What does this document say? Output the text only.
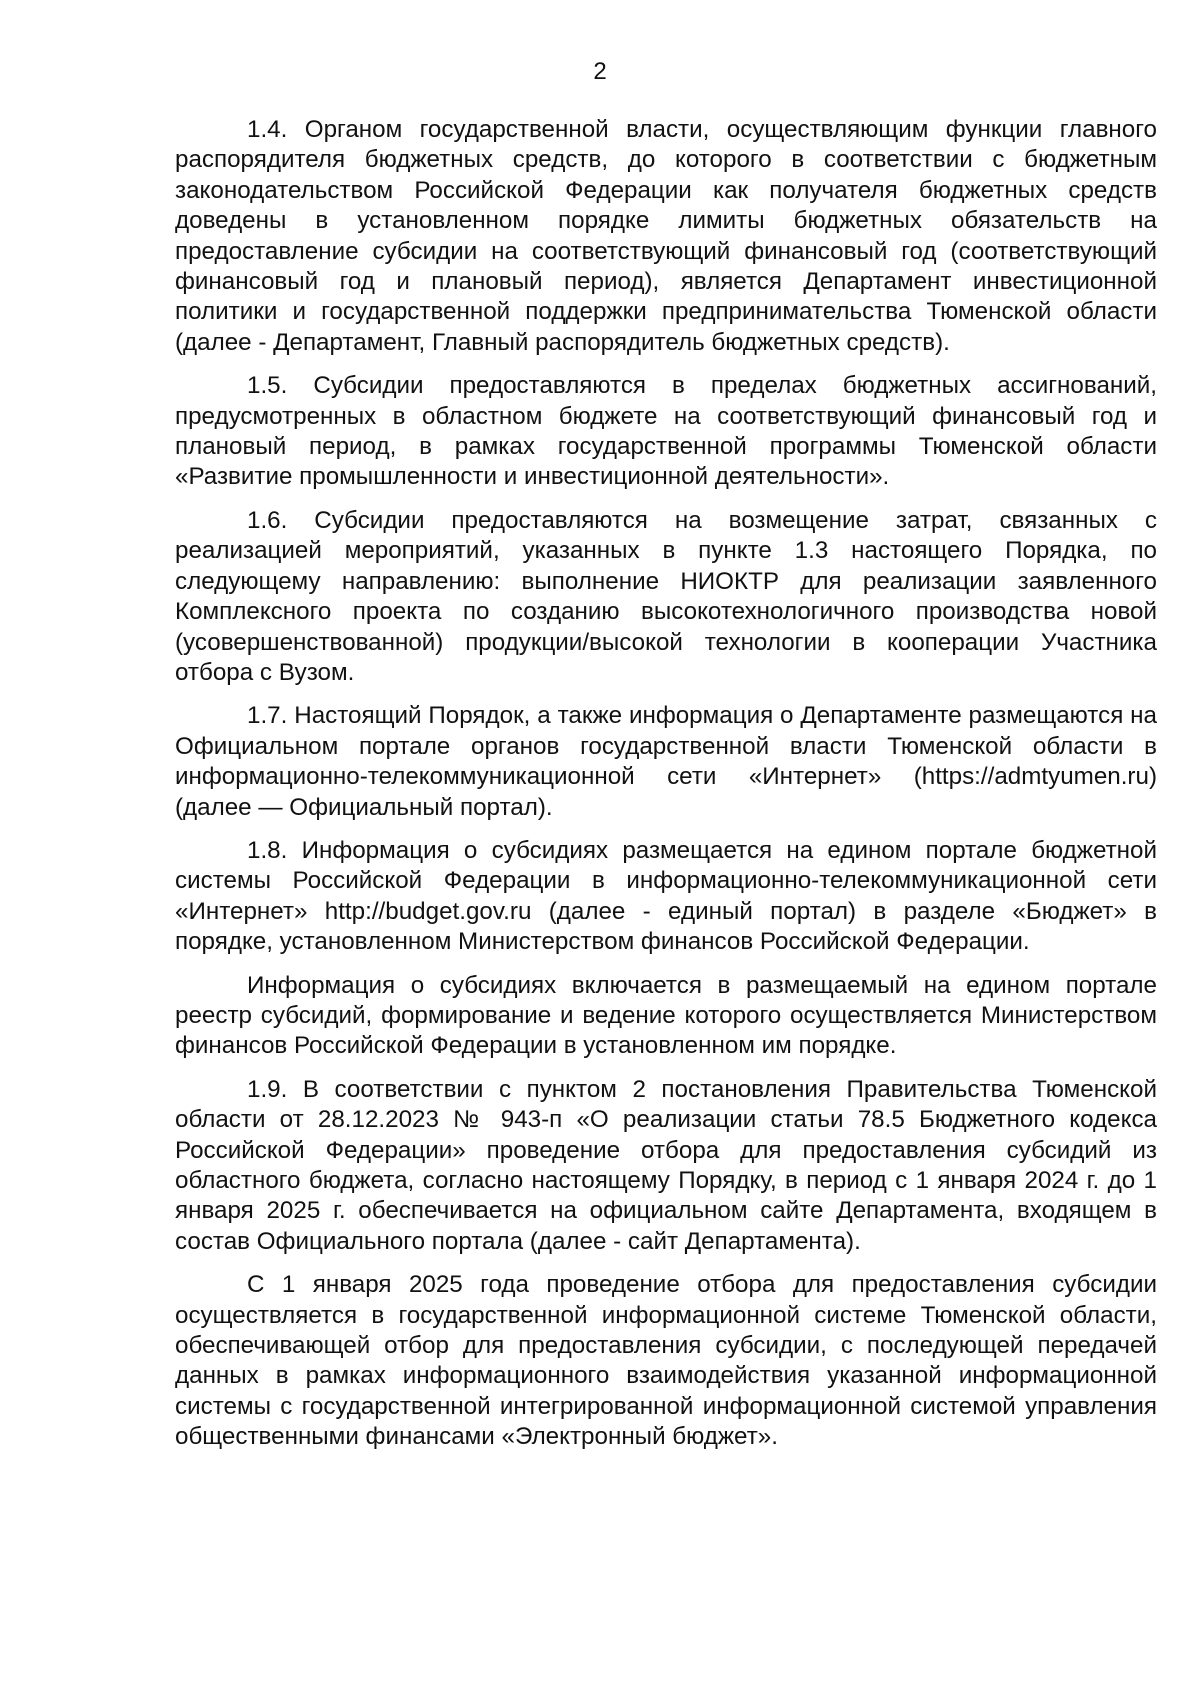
2

1.4. Органом государственной власти, осуществляющим функции главного распорядителя бюджетных средств, до которого в соответствии с бюджетным законодательством Российской Федерации как получателя бюджетных средств доведены в установленном порядке лимиты бюджетных обязательств на предоставление субсидии на соответствующий финансовый год (соответствующий финансовый год и плановый период), является Департамент инвестиционной политики и государственной поддержки предпринимательства Тюменской области (далее - Департамент, Главный распорядитель бюджетных средств).

1.5. Субсидии предоставляются в пределах бюджетных ассигнований, предусмотренных в областном бюджете на соответствующий финансовый год и плановый период, в рамках государственной программы Тюменской области «Развитие промышленности и инвестиционной деятельности».

1.6. Субсидии предоставляются на возмещение затрат, связанных с реализацией мероприятий, указанных в пункте 1.3 настоящего Порядка, по следующему направлению: выполнение НИОКТР для реализации заявленного Комплексного проекта по созданию высокотехнологичного производства новой (усовершенствованной) продукции/высокой технологии в кооперации Участника отбора с Вузом.

1.7. Настоящий Порядок, а также информация о Департаменте размещаются на Официальном портале органов государственной власти Тюменской области в информационно-телекоммуникационной сети «Интернет» (https://admtyumen.ru) (далее — Официальный портал).

1.8. Информация о субсидиях размещается на едином портале бюджетной системы Российской Федерации в информационно-телекоммуникационной сети «Интернет» http://budget.gov.ru (далее - единый портал) в разделе «Бюджет» в порядке, установленном Министерством финансов Российской Федерации.

Информация о субсидиях включается в размещаемый на едином портале реестр субсидий, формирование и ведение которого осуществляется Министерством финансов Российской Федерации в установленном им порядке.

1.9. В соответствии с пунктом 2 постановления Правительства Тюменской области от 28.12.2023 № 943-п «О реализации статьи 78.5 Бюджетного кодекса Российской Федерации» проведение отбора для предоставления субсидий из областного бюджета, согласно настоящему Порядку, в период с 1 января 2024 г. до 1 января 2025 г. обеспечивается на официальном сайте Департамента, входящем в состав Официального портала (далее - сайт Департамента).

С 1 января 2025 года проведение отбора для предоставления субсидии осуществляется в государственной информационной системе Тюменской области, обеспечивающей отбор для предоставления субсидии, с последующей передачей данных в рамках информационного взаимодействия указанной информационной системы с государственной интегрированной информационной системой управления общественными финансами «Электронный бюджет».
